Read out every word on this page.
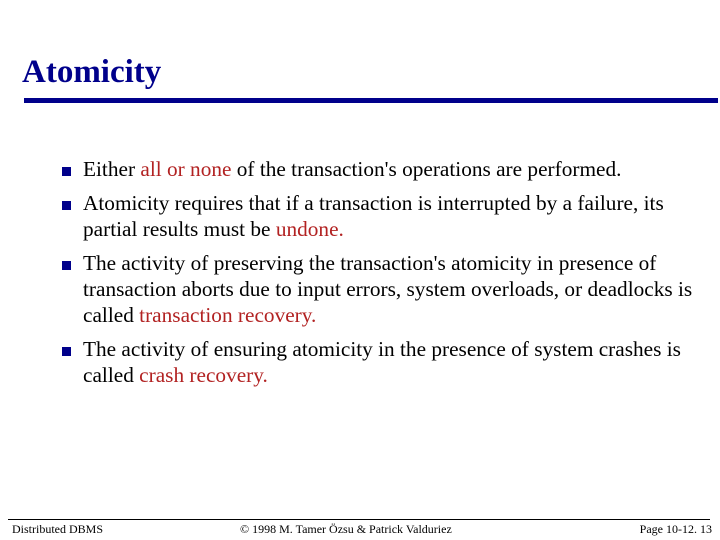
Atomicity
Either all or none of the transaction's operations are performed.
Atomicity requires that if a transaction is interrupted by a failure, its partial results must be undone.
The activity of preserving the transaction's atomicity in presence of transaction aborts due to input errors, system overloads, or deadlocks is called transaction recovery.
The activity of ensuring atomicity in the presence of system crashes is called crash recovery.
Distributed DBMS	© 1998 M. Tamer Özsu & Patrick Valduriez	Page 10-12. 13
